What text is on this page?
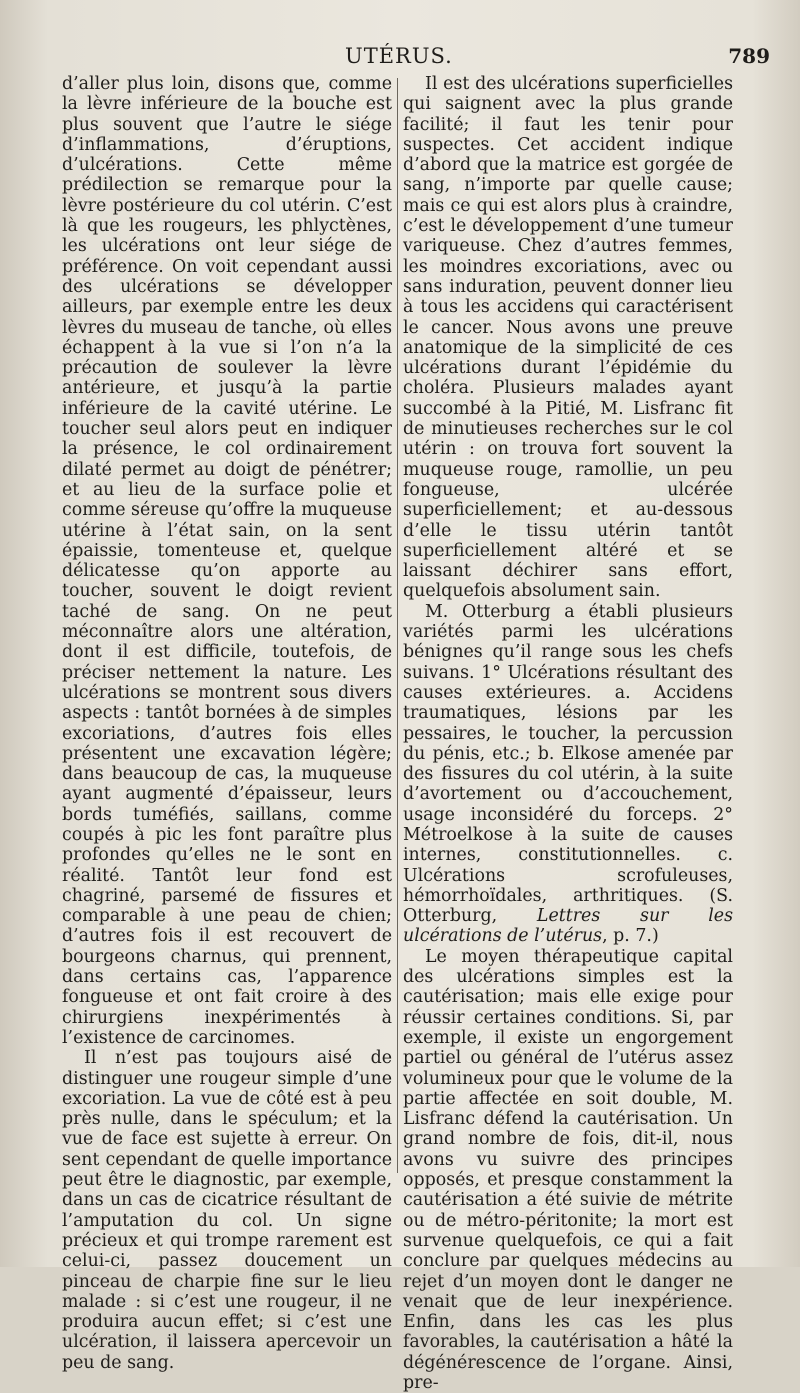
UTÉRUS.	789

d’aller plus loin, disons que, comme la lèvre inférieure de la bouche est plus souvent que l’autre le siége d’inflammations, d’éruptions, d’ulcérations. Cette même prédilection se remarque pour la lèvre postérieure du col utérin. C’est là que les rougeurs, les phlyctènes, les ulcérations ont leur siége de préférence. On voit cependant aussi des ulcérations se développer ailleurs, par exemple entre les deux lèvres du museau de tanche, où elles échappent à la vue si l’on n’a la précaution de soulever la lèvre antérieure, et jusqu’à la partie inférieure de la cavité utérine. Le toucher seul alors peut en indiquer la présence, le col ordinairement dilaté permet au doigt de pénétrer; et au lieu de la surface polie et comme séreuse qu’offre la muqueuse utérine à l’état sain, on la sent épaissie, tomenteuse et, quelque délicatesse qu’on apporte au toucher, souvent le doigt revient taché de sang. On ne peut méconnaître alors une altération, dont il est difficile, toutefois, de préciser nettement la nature. Les ulcérations se montrent sous divers aspects : tantôt bornées à de simples excoriations, d’autres fois elles présentent une excavation légère; dans beaucoup de cas, la muqueuse ayant augmenté d’épaisseur, leurs bords tuméfiés, saillans, comme coupés à pic les font paraître plus profondes qu’elles ne le sont en réalité. Tantôt leur fond est chagriné, parsemé de fissures et comparable à une peau de chien; d’autres fois il est recouvert de bourgeons charnus, qui prennent, dans certains cas, l’apparence fongueuse et ont fait croire à des chirurgiens inexpérimentés à l’existence de carcinomes.

Il n’est pas toujours aisé de distinguer une rougeur simple d’une excoriation. La vue de côté est à peu près nulle, dans le spéculum; et la vue de face est sujette à erreur. On sent cependant de quelle importance peut être le diagnostic, par exemple, dans un cas de cicatrice résultant de l’amputation du col. Un signe précieux et qui trompe rarement est celui-ci, passez doucement un pinceau de charpie fine sur le lieu malade : si c’est une rougeur, il ne produira aucun effet; si c’est une ulcération, il laissera apercevoir un peu de sang.

Il est des ulcérations superficielles qui saignent avec la plus grande facilité; il faut les tenir pour suspectes. Cet accident indique d’abord que la matrice est gorgée de sang, n’importe par quelle cause; mais ce qui est alors plus à craindre, c’est le développement d’une tumeur variqueuse. Chez d’autres femmes, les moindres excoriations, avec ou sans induration, peuvent donner lieu à tous les accidens qui caractérisent le cancer. Nous avons une preuve anatomique de la simplicité de ces ulcérations durant l’épidémie du choléra. Plusieurs malades ayant succombé à la Pitié, M. Lisfranc fit de minutieuses recherches sur le col utérin : on trouva fort souvent la muqueuse rouge, ramollie, un peu fongueuse, ulcérée superficiellement; et au-dessous d’elle le tissu utérin tantôt superficiellement altéré et se laissant déchirer sans effort, quelquefois absolument sain.

M. Otterburg a établi plusieurs variétés parmi les ulcérations bénignes qu’il range sous les chefs suivans. 1° Ulcérations résultant des causes extérieures. a. Accidens traumatiques, lésions par les pessaires, le toucher, la percussion du pénis, etc.; b. Elkose amenée par des fissures du col utérin, à la suite d’avortement ou d’accouchement, usage inconsidéré du forceps. 2° Métroelkose à la suite de causes internes, constitutionnelles. c. Ulcérations scrofuleuses, hémorrhoïdales, arthritiques. (S. Otterburg, Lettres sur les ulcérations de l’utérus, p. 7.)

Le moyen thérapeutique capital des ulcérations simples est la cautérisation; mais elle exige pour réussir certaines conditions. Si, par exemple, il existe un engorgement partiel ou général de l’utérus assez volumineux pour que le volume de la partie affectée en soit double, M. Lisfranc défend la cautérisation. Un grand nombre de fois, dit-il, nous avons vu suivre des principes opposés, et presque constamment la cautérisation a été suivie de métrite ou de métro-péritonite; la mort est survenue quelquefois, ce qui a fait conclure par quelques médecins au rejet d’un moyen dont le danger ne venait que de leur inexpérience. Enfin, dans les cas les plus favorables, la cautérisation a hâté la dégénérescence de l’organe. Ainsi, pre-
